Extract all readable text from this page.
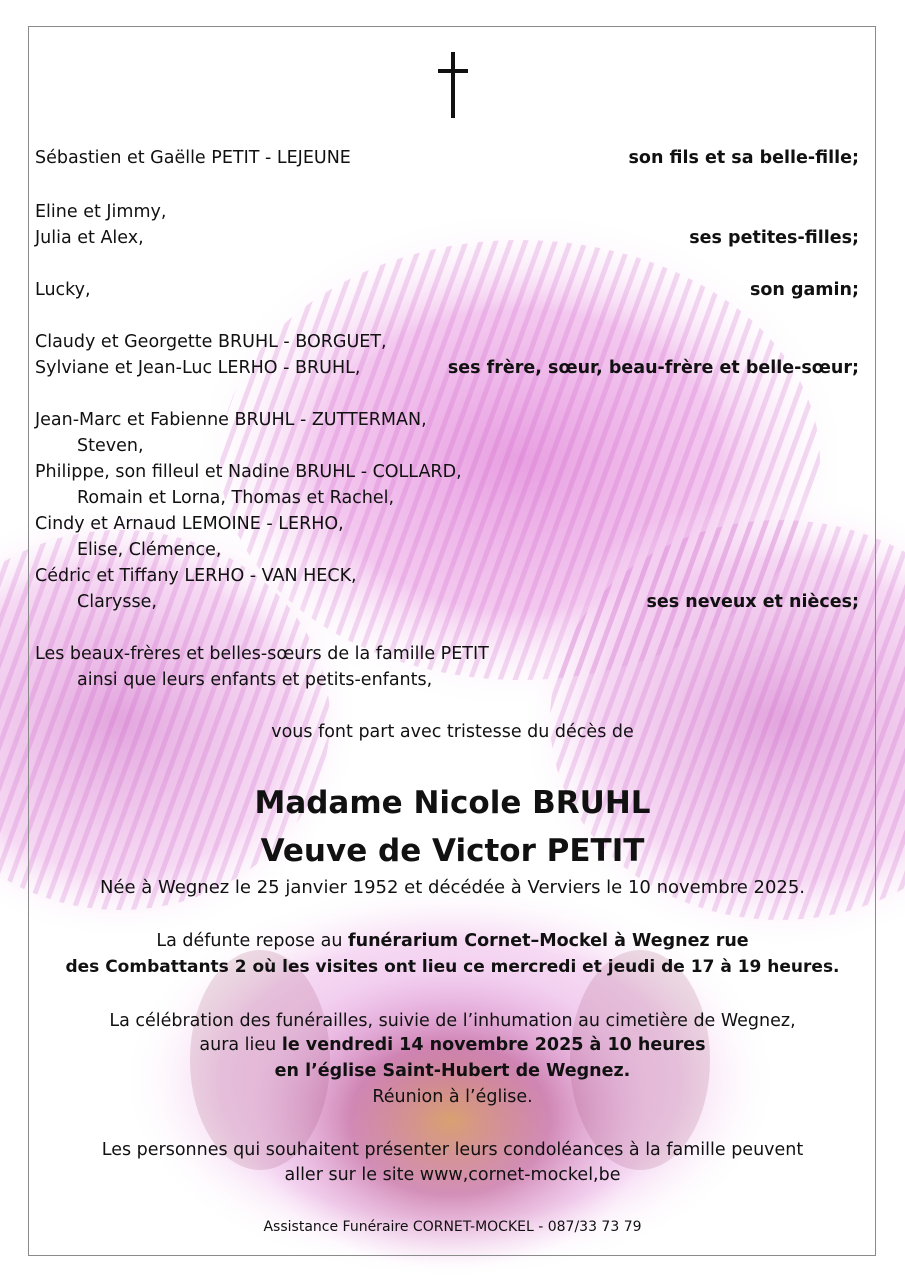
Sébastien et Gaëlle PETIT - LEJEUNE	son fils et sa belle-fille;
Eline et Jimmy,
Julia et Alex,	ses petites-filles;
Lucky,	son gamin;
Claudy et Georgette BRUHL - BORGUET,
Sylviane et Jean-Luc LERHO - BRUHL,	ses frère, sœur, beau-frère et belle-sœur;
Jean-Marc et Fabienne BRUHL - ZUTTERMAN,
Steven,
Philippe, son filleul et Nadine BRUHL - COLLARD,
Romain et Lorna, Thomas et Rachel,
Cindy et Arnaud LEMOINE - LERHO,
Elise, Clémence,
Cédric et Tiffany LERHO - VAN HECK,
Clarysse,	ses neveux et nièces;
Les beaux-frères et belles-sœurs de la famille PETIT
ainsi que leurs enfants et petits-enfants,
vous font part avec tristesse du décès de
Madame Nicole BRUHL
Veuve de Victor PETIT
Née à Wegnez le 25 janvier 1952 et décédée à Verviers le 10 novembre 2025.
La défunte repose au funérarium Cornet–Mockel à Wegnez rue
des Combattants 2 où les visites ont lieu ce mercredi et jeudi de 17 à 19 heures.
La célébration des funérailles, suivie de l’inhumation au cimetière de Wegnez,
aura lieu le vendredi 14 novembre 2025 à 10 heures
en l’église Saint-Hubert de Wegnez.
Réunion à l’église.
Les personnes qui souhaitent présenter leurs condoléances à la famille peuvent
aller sur le site www,cornet-mockel,be
Assistance Funéraire CORNET-MOCKEL - 087/33 73 79
